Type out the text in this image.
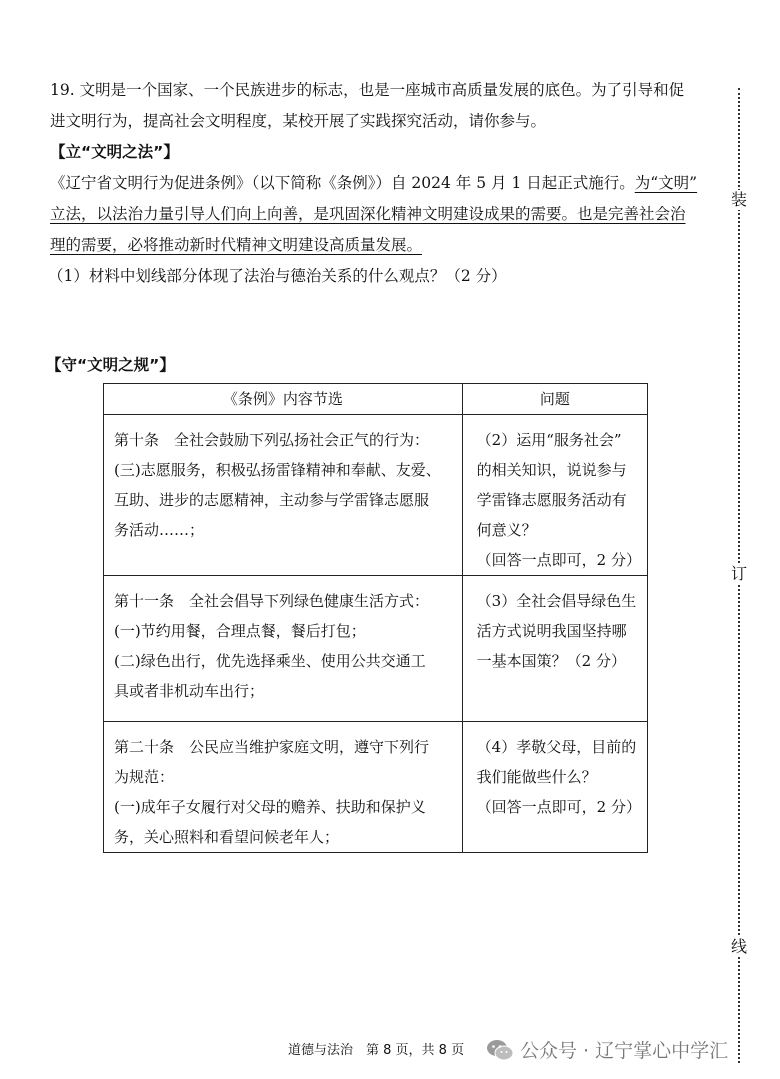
19. 文明是一个国家、一个民族进步的标志，也是一座城市高质量发展的底色。为了引导和促
进文明行为，提高社会文明程度，某校开展了实践探究活动，请你参与。
【立“文明之法”】
《辽宁省文明行为促进条例》（以下简称《条例》）自 2024 年 5 月 1 日起正式施行。为“文明”
立法，以法治力量引导人们向上向善，是巩固深化精神文明建设成果的需要。也是完善社会治
理的需要，必将推动新时代精神文明建设高质量发展。
（1）材料中划线部分体现了法治与德治关系的什么观点？（2 分）
【守“文明之规”】
《条例》内容节选	问题

第十条　全社会鼓励下列弘扬社会正气的行为：
(三)志愿服务，积极弘扬雷锋精神和奉献、友爱、
互助、进步的志愿精神，主动参与学雷锋志愿服
务活动……；	（2）运用“服务社会”
的相关知识，说说参与
学雷锋志愿服务活动有
何意义？
（回答一点即可，2 分）

第十一条　全社会倡导下列绿色健康生活方式：
(一)节约用餐，合理点餐，餐后打包；
(二)绿色出行，优先选择乘坐、使用公共交通工
具或者非机动车出行；	（3）全社会倡导绿色生
活方式说明我国坚持哪
一基本国策？（2 分）

第二十条　公民应当维护家庭文明，遵守下列行
为规范：
(一)成年子女履行对父母的赡养、扶助和保护义
务，关心照料和看望问候老年人；	（4）孝敬父母，目前的
我们能做些什么？
（回答一点即可，2 分）
装
订
线
道德与法治　第 8 页，共 8 页	公众号 · 辽宁掌心中学汇
